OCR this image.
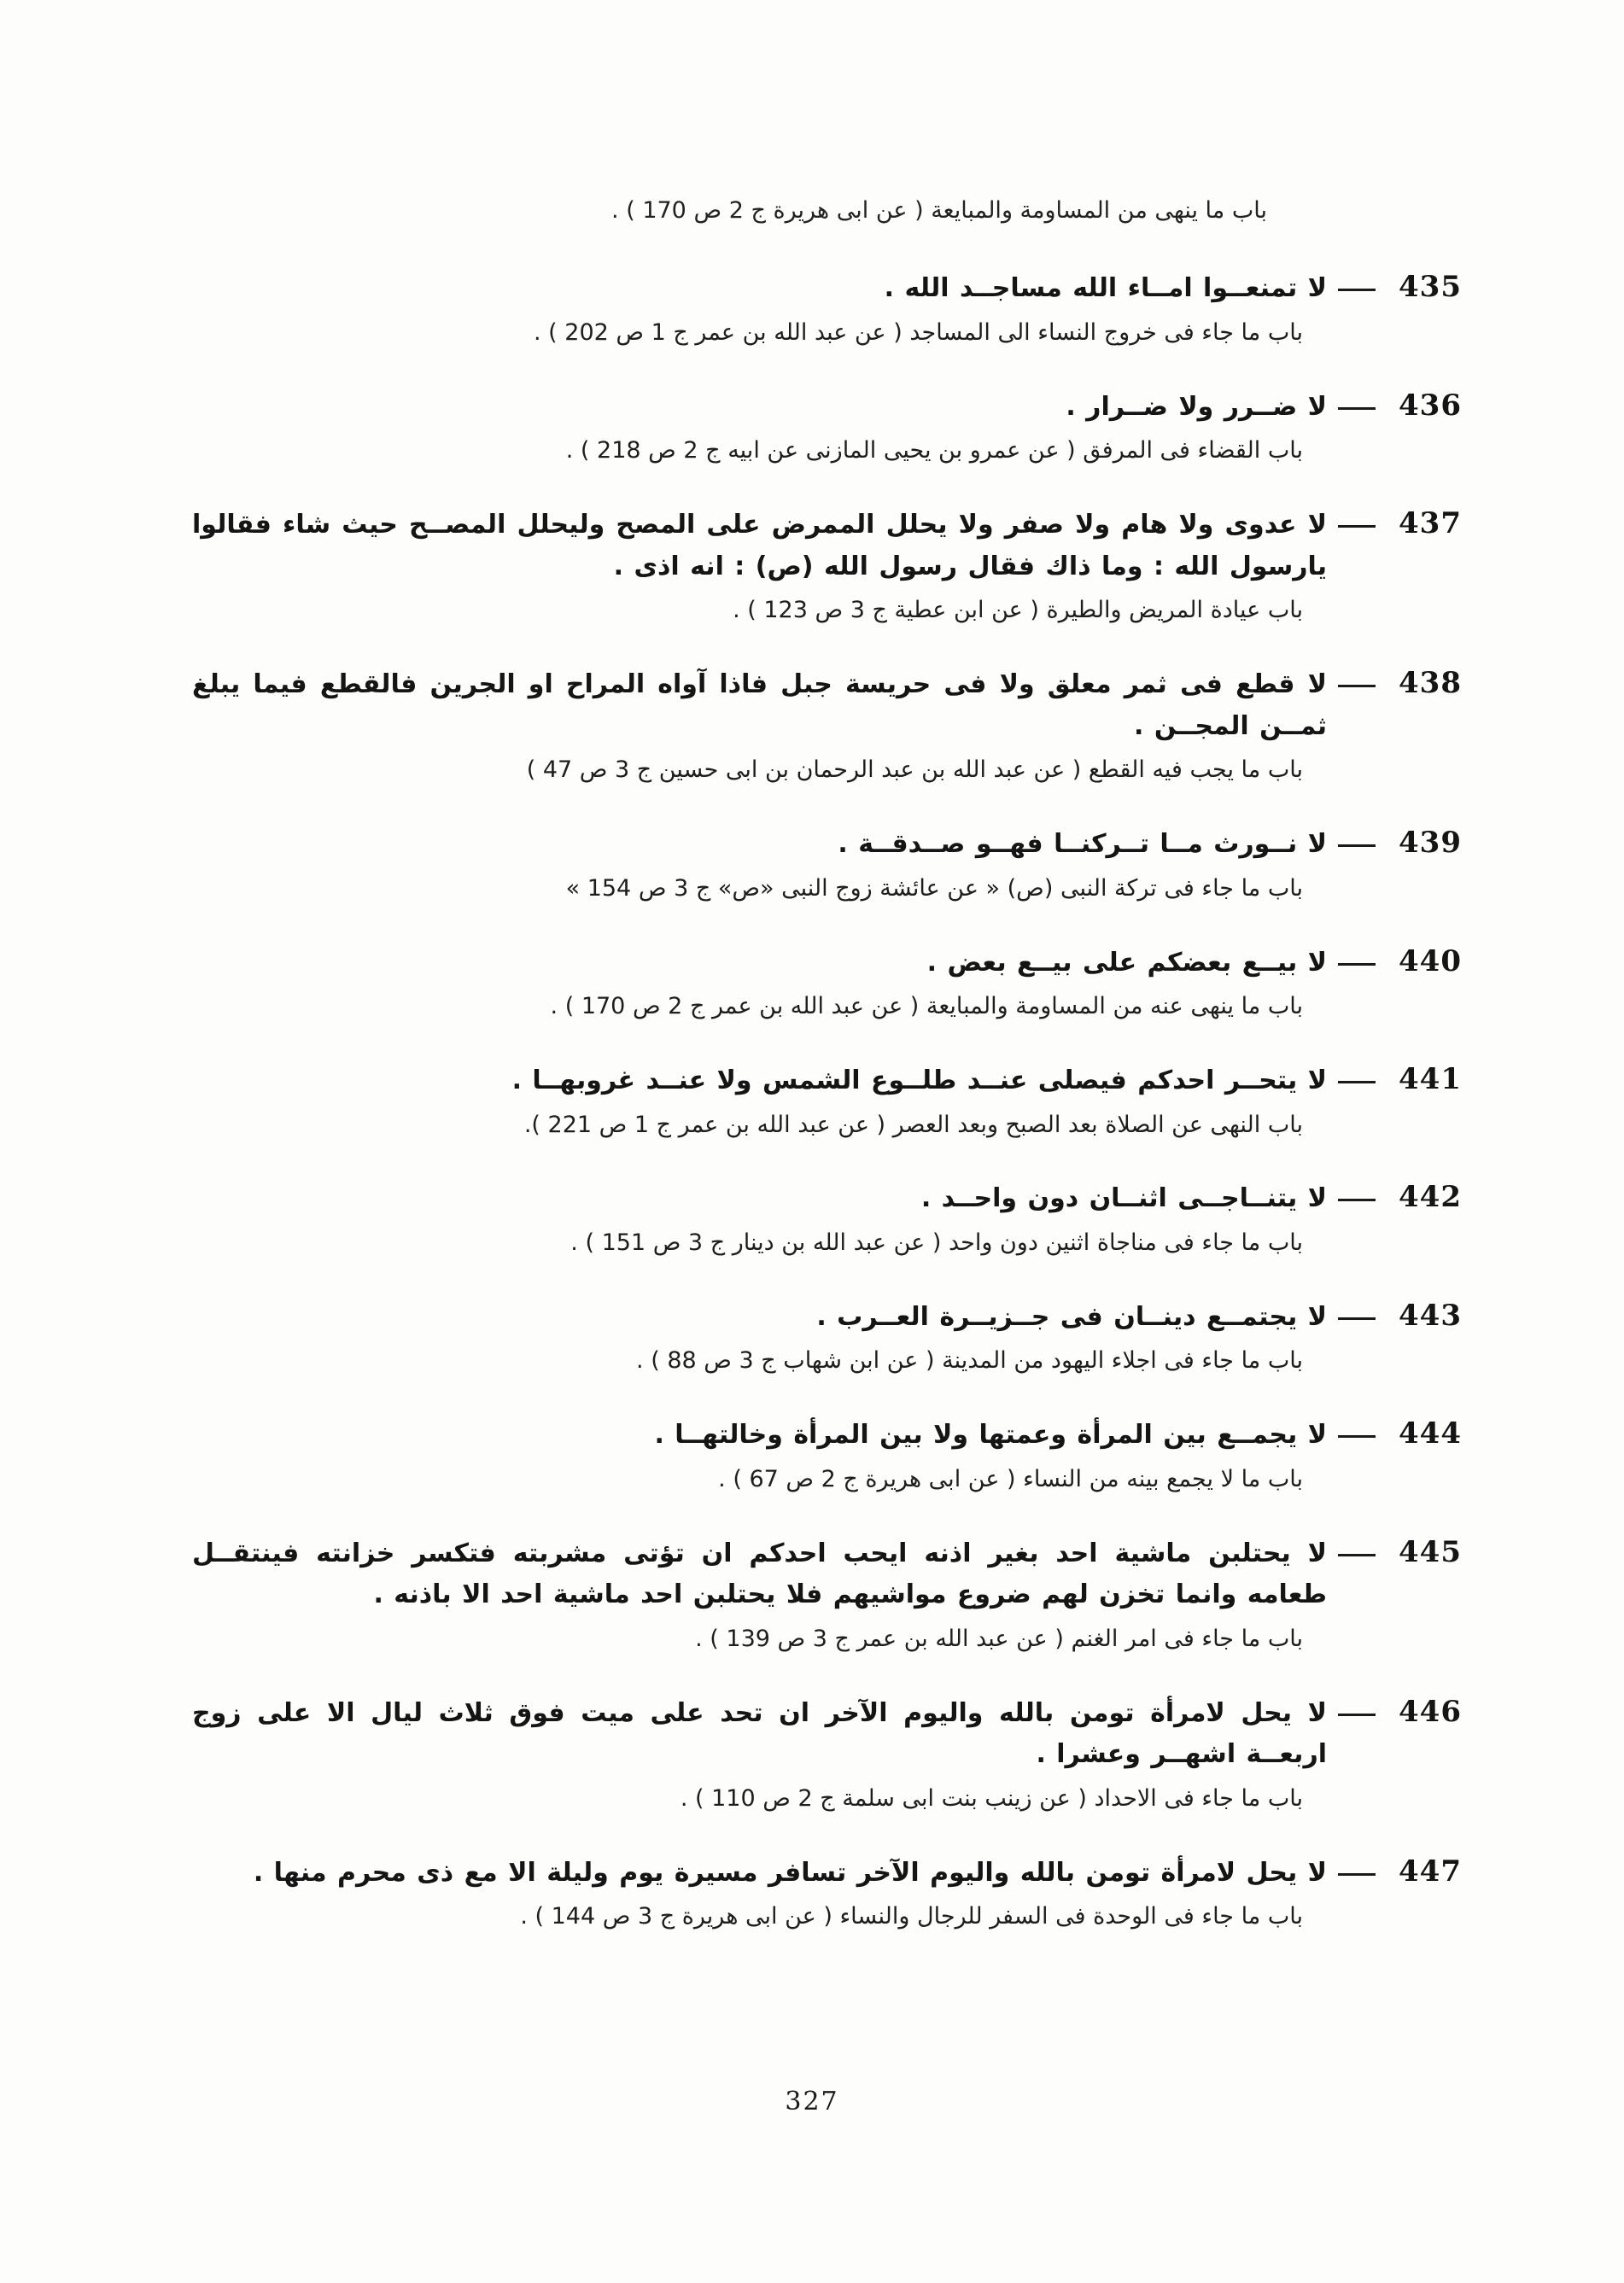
باب ما ينهى من المساومة والمبايعة ( عن ابى هريرة ج 2 ص 170 ) .
435
لا تمنعــوا امــاء الله مساجــد الله .
باب ما جاء فى خروج النساء الى المساجد ( عن عبد الله بن عمر ج 1 ص 202 ) .
436
لا ضــرر ولا ضــرار .
باب القضاء فى المرفق ( عن عمرو بن يحيى المازنى عن ابيه ج 2 ص 218 ) .
437
لا عدوى ولا هام ولا صفر ولا يحلل الممرض على المصح وليحلل المصــح حيث شاء فقالوا يارسول الله : وما ذاك فقال رسول الله (ص) : انه اذى .
باب عيادة المريض والطيرة ( عن ابن عطية ج 3 ص 123 ) .
438
لا قطع فى ثمر معلق ولا فى حريسة جبل فاذا آواه المراح او الجرين فالقطع فيما يبلغ ثمــن المجــن .
باب ما يجب فيه القطع ( عن عبد الله بن عبد الرحمان بن ابى حسين ج 3 ص 47 )
439
لا نــورث مــا تــركنــا فهــو صــدقــة .
باب ما جاء فى تركة النبى (ص) « عن عائشة زوج النبى «ص» ج 3 ص 154 »
440
لا بيــع بعضكم على بيــع بعض .
باب ما ينهى عنه من المساومة والمبايعة ( عن عبد الله بن عمر ج 2 ص 170 ) .
441
لا يتحــر احدكم فيصلى عنــد طلــوع الشمس ولا عنــد غروبهــا .
باب النهى عن الصلاة بعد الصبح وبعد العصر ( عن عبد الله بن عمر ج 1 ص 221 ).
442
لا يتنــاجــى اثنــان دون واحــد .
باب ما جاء فى مناجاة اثنين دون واحد ( عن عبد الله بن دينار ج 3 ص 151 ) .
443
لا يجتمــع دينــان فى جــزيــرة العــرب .
باب ما جاء فى اجلاء اليهود من المدينة ( عن ابن شهاب ج 3 ص 88 ) .
444
لا يجمــع بين المرأة وعمتها ولا بين المرأة وخالتهــا .
باب ما لا يجمع بينه من النساء ( عن ابى هريرة ج 2 ص 67 ) .
445
لا يحتلبن ماشية احد بغير اذنه ايحب احدكم ان تؤتى مشربته فتكسر خزانته فينتقــل طعامه وانما تخزن لهم ضروع مواشيهم فلا يحتلبن احد ماشية احد الا باذنه .
باب ما جاء فى امر الغنم ( عن عبد الله بن عمر ج 3 ص 139 ) .
446
لا يحل لامرأة تومن بالله واليوم الآخر ان تحد على ميت فوق ثلاث ليال الا على زوج اربعــة اشهــر وعشرا .
باب ما جاء فى الاحداد ( عن زينب بنت ابى سلمة ج 2 ص 110 ) .
447
لا يحل لامرأة تومن بالله واليوم الآخر تسافر مسيرة يوم وليلة الا مع ذى محرم منها .
باب ما جاء فى الوحدة فى السفر للرجال والنساء ( عن ابى هريرة ج 3 ص 144 ) .
327
